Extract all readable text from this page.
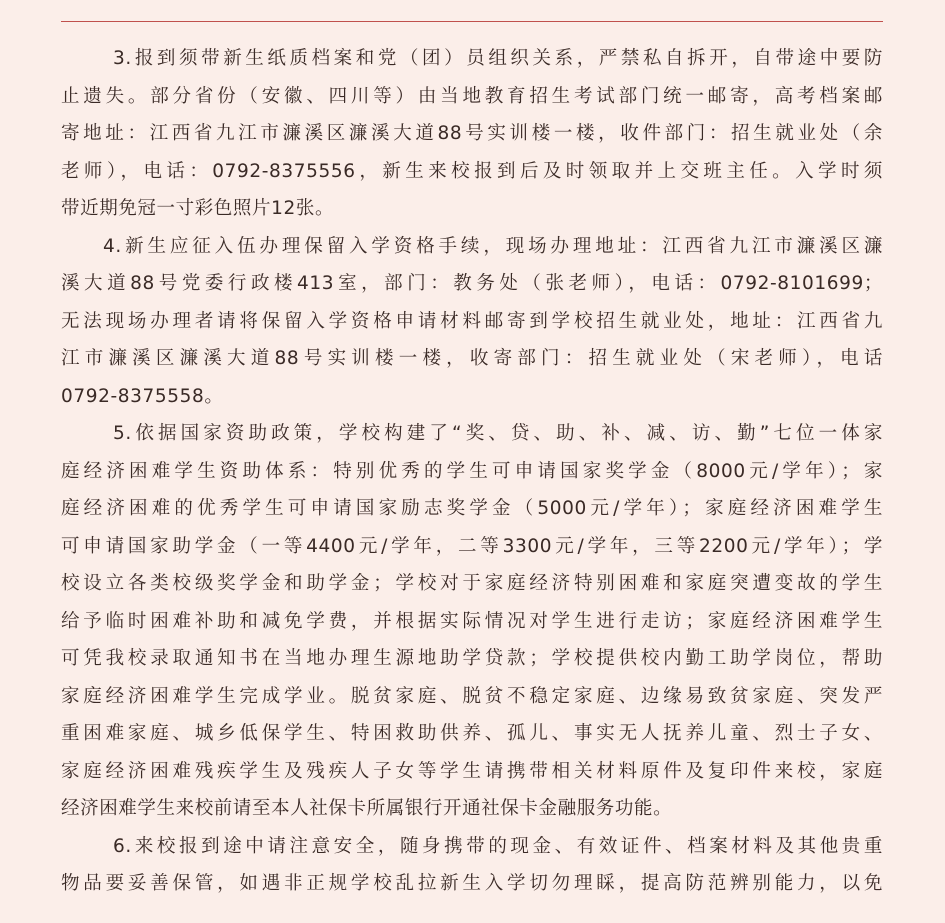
3.报到须带新生纸质档案和党（团）员组织关系，严禁私自拆开，自带途中要防
止遗失。部分省份（安徽、四川等）由当地教育招生考试部门统一邮寄，高考档案邮
寄地址：江西省九江市濂溪区濂溪大道88号实训楼一楼，收件部门：招生就业处（余
老师），电话：0792-8375556，新生来校报到后及时领取并上交班主任。入学时须
带近期免冠一寸彩色照片12张。
4.新生应征入伍办理保留入学资格手续，现场办理地址：江西省九江市濂溪区濂
溪大道88号党委行政楼413室，部门：教务处（张老师），电话：0792-8101699；
无法现场办理者请将保留入学资格申请材料邮寄到学校招生就业处，地址：江西省九
江市濂溪区濂溪大道88号实训楼一楼，收寄部门：招生就业处（宋老师），电话
0792-8375558。
5.依据国家资助政策，学校构建了“奖、贷、助、补、减、访、勤”七位一体家
庭经济困难学生资助体系：特别优秀的学生可申请国家奖学金（8000元/学年）；家
庭经济困难的优秀学生可申请国家励志奖学金（5000元/学年）；家庭经济困难学生
可申请国家助学金（一等4400元/学年，二等3300元/学年，三等2200元/学年）；学
校设立各类校级奖学金和助学金；学校对于家庭经济特别困难和家庭突遭变故的学生
给予临时困难补助和减免学费，并根据实际情况对学生进行走访；家庭经济困难学生
可凭我校录取通知书在当地办理生源地助学贷款；学校提供校内勤工助学岗位，帮助
家庭经济困难学生完成学业。脱贫家庭、脱贫不稳定家庭、边缘易致贫家庭、突发严
重困难家庭、城乡低保学生、特困救助供养、孤儿、事实无人抚养儿童、烈士子女、
家庭经济困难残疾学生及残疾人子女等学生请携带相关材料原件及复印件来校，家庭
经济困难学生来校前请至本人社保卡所属银行开通社保卡金融服务功能。
6.来校报到途中请注意安全，随身携带的现金、有效证件、档案材料及其他贵重
物品要妥善保管，如遇非正规学校乱拉新生入学切勿理睬，提高防范辨别能力，以免
